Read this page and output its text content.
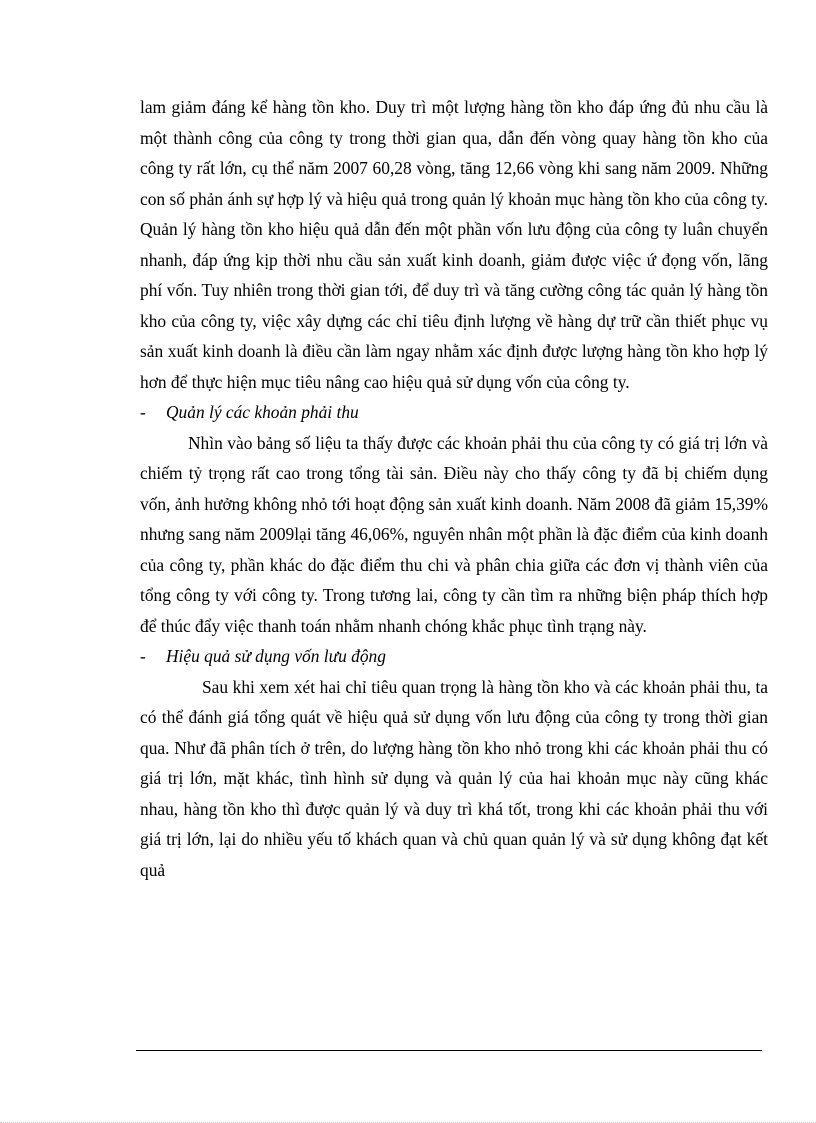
lam giảm đáng kể hàng tồn kho. Duy trì một lượng hàng tồn kho đáp ứng đủ nhu cầu là một thành công của công ty trong thời gian qua, dẫn đến vòng quay hàng tồn kho của công ty rất lớn, cụ thể năm 2007 60,28 vòng, tăng 12,66 vòng khi sang năm 2009. Những con số phản ánh sự hợp lý và hiệu quả trong quản lý khoản mục hàng tồn kho của công ty. Quản lý hàng tồn kho hiệu quả dẫn đến một phần vốn lưu động của công ty luân chuyển nhanh, đáp ứng kịp thời nhu cầu sản xuất kinh doanh, giảm được việc ứ đọng vốn, lãng phí vốn. Tuy nhiên trong thời gian tới, để duy trì và tăng cường công tác quản lý hàng tồn kho của công ty, việc xây dựng các chỉ tiêu định lượng về hàng dự trữ cần thiết phục vụ sản xuất kinh doanh là điều cần làm ngay nhằm xác định được lượng hàng tồn kho hợp lý hơn để thực hiện mục tiêu nâng cao hiệu quả sử dụng vốn của công ty.

-	Quản lý các khoản phải thu

Nhìn vào bảng số liệu ta thấy được các khoản phải thu của công ty có giá trị lớn và chiếm tỷ trọng rất cao trong tổng tài sản. Điều này cho thấy công ty đã bị chiếm dụng vốn, ảnh hưởng không nhỏ tới hoạt động sản xuất kinh doanh. Năm 2008 đã giảm 15,39% nhưng sang năm 2009lại tăng 46,06%, nguyên nhân một phần là đặc điểm của kinh doanh của công ty, phần khác do đặc điểm thu chi và phân chia giữa các đơn vị thành viên của tổng công ty với công ty. Trong tương lai, công ty cần tìm ra những biện pháp thích hợp để thúc đẩy việc thanh toán nhằm nhanh chóng khắc phục tình trạng này.

-	Hiệu quả sử dụng vốn lưu động

Sau khi xem xét hai chỉ tiêu quan trọng là hàng tồn kho và các khoản phải thu, ta có thể đánh giá tổng quát về hiệu quả sử dụng vốn lưu động của công ty trong thời gian qua. Như đã phân tích ở trên, do lượng hàng tồn kho nhỏ trong khi các khoản phải thu có giá trị lớn, mặt khác, tình hình sử dụng và quản lý của hai khoản mục này cũng khác nhau, hàng tồn kho thì được quản lý và duy trì khá tốt, trong khi các khoản phải thu với giá trị lớn, lại do nhiều yếu tố khách quan và chủ quan quản lý và sử dụng không đạt kết quả
